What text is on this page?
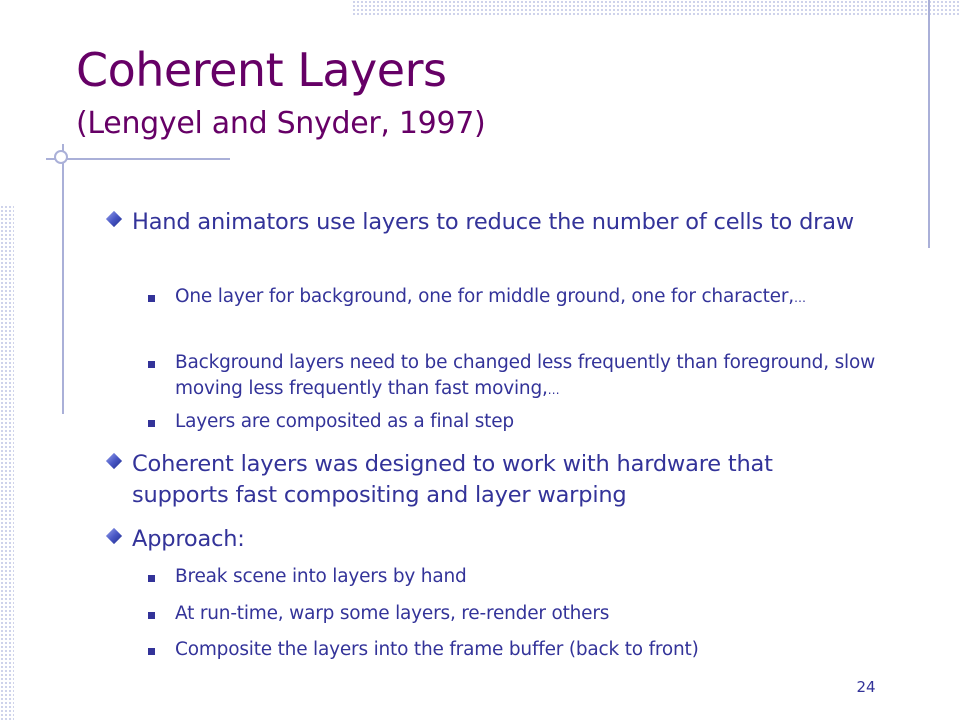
Coherent Layers
(Lengyel and Snyder, 1997)

Hand animators use layers to reduce the number of cells to draw

One layer for background, one for middle ground, one for character,…

Background layers need to be changed less frequently than foreground, slow moving less frequently than fast moving,…

Layers are composited as a final step

Coherent layers was designed to work with hardware that supports fast compositing and layer warping

Approach:

Break scene into layers by hand

At run-time, warp some layers, re-render others

Composite the layers into the frame buffer (back to front)

24
